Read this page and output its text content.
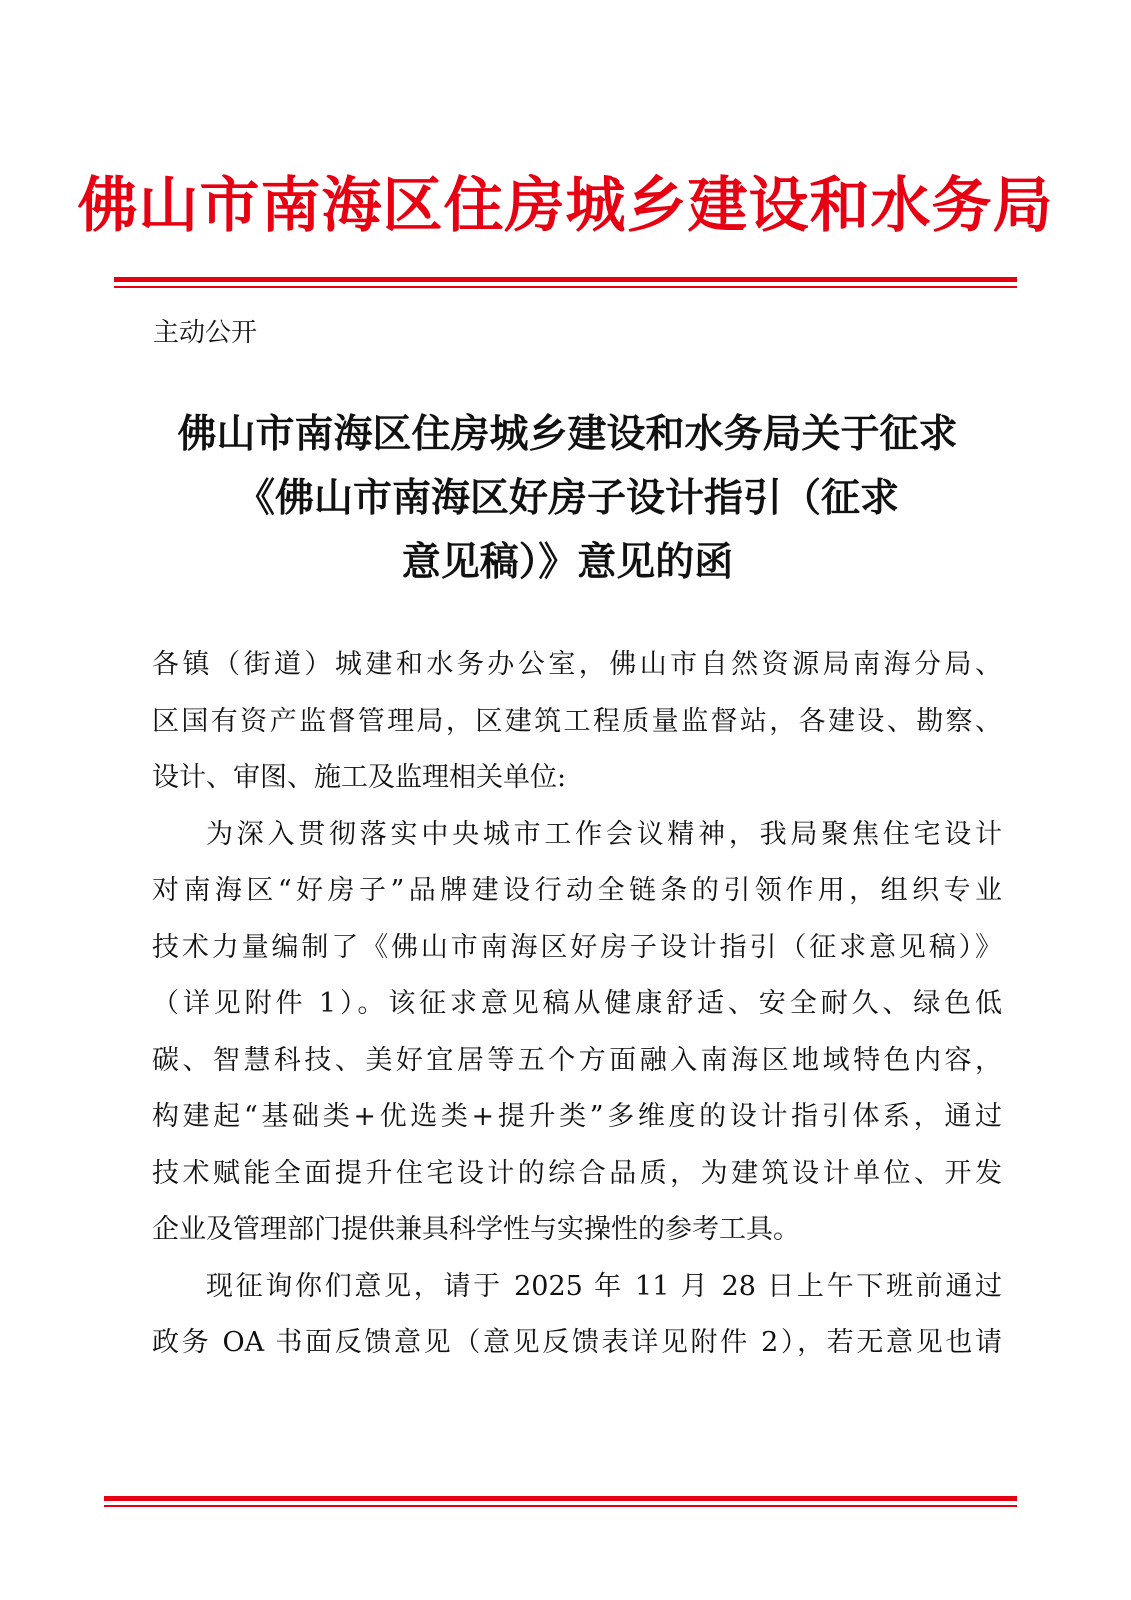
佛山市南海区住房城乡建设和水务局
主动公开
佛山市南海区住房城乡建设和水务局关于征求
《佛山市南海区好房子设计指引（征求
意见稿）》意见的函
各镇（街道）城建和水务办公室，佛山市自然资源局南海分局、
区国有资产监督管理局，区建筑工程质量监督站，各建设、勘察、
设计、审图、施工及监理相关单位:
为深入贯彻落实中央城市工作会议精神，我局聚焦住宅设计
对南海区“好房子”品牌建设行动全链条的引领作用，组织专业
技术力量编制了《佛山市南海区好房子设计指引（征求意见稿）》
（详见附件 1）。该征求意见稿从健康舒适、安全耐久、绿色低
碳、智慧科技、美好宜居等五个方面融入南海区地域特色内容，
构建起“基础类+优选类+提升类”多维度的设计指引体系，通过
技术赋能全面提升住宅设计的综合品质，为建筑设计单位、开发
企业及管理部门提供兼具科学性与实操性的参考工具。
现征询你们意见，请于 2025 年 11 月 28 日上午下班前通过
政务 OA 书面反馈意见（意见反馈表详见附件 2），若无意见也请
